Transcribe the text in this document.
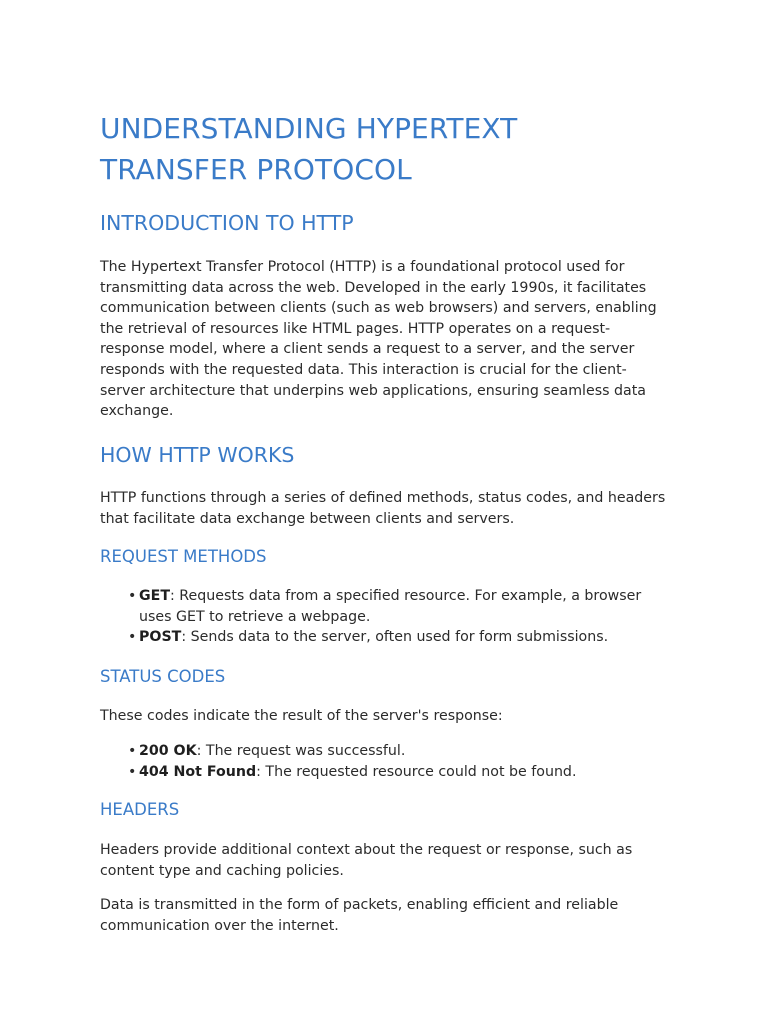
UNDERSTANDING HYPERTEXT TRANSFER PROTOCOL
INTRODUCTION TO HTTP

The Hypertext Transfer Protocol (HTTP) is a foundational protocol used for transmitting data across the web. Developed in the early 1990s, it facilitates communication between clients (such as web browsers) and servers, enabling the retrieval of resources like HTML pages. HTTP operates on a request-response model, where a client sends a request to a server, and the server responds with the requested data. This interaction is crucial for the client-server architecture that underpins web applications, ensuring seamless data exchange.

HOW HTTP WORKS

HTTP functions through a series of defined methods, status codes, and headers that facilitate data exchange between clients and servers.

REQUEST METHODS
• GET: Requests data from a specified resource. For example, a browser uses GET to retrieve a webpage.
• POST: Sends data to the server, often used for form submissions.
STATUS CODES

These codes indicate the result of the server's response:

• 200 OK: The request was successful.
• 404 Not Found: The requested resource could not be found.
HEADERS

Headers provide additional context about the request or response, such as content type and caching policies.

Data is transmitted in the form of packets, enabling efficient and reliable communication over the internet.
